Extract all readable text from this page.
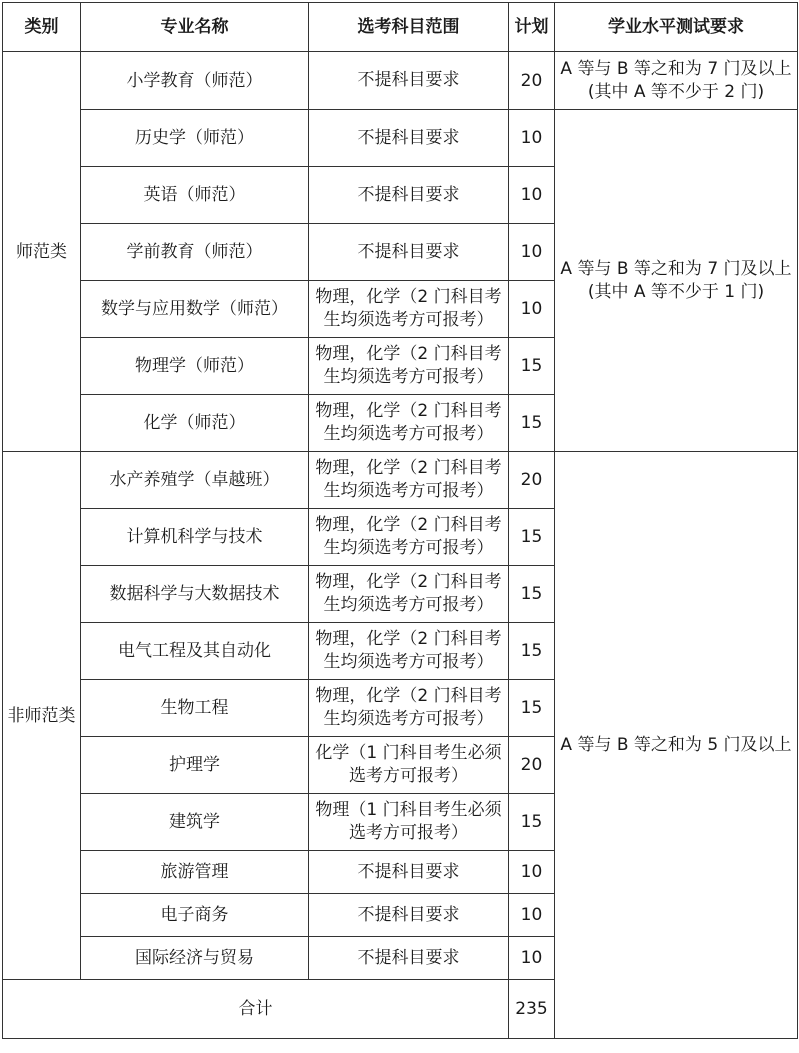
类别	专业名称	选考科目范围	计划	学业水平测试要求
师范类	小学教育（师范）	不提科目要求	20	A 等与 B 等之和为 7 门及以上(其中 A 等不少于 2 门)
	历史学（师范）	不提科目要求	10	A 等与 B 等之和为 7 门及以上(其中 A 等不少于 1 门)
	英语（师范）	不提科目要求	10	
	学前教育（师范）	不提科目要求	10	
	数学与应用数学（师范）	物理，化学（2 门科目考生均须选考方可报考）	10	
	物理学（师范）	物理，化学（2 门科目考生均须选考方可报考）	15	
	化学（师范）	物理，化学（2 门科目考生均须选考方可报考）	15	
非师范类	水产养殖学（卓越班）	物理，化学（2 门科目考生均须选考方可报考）	20	A 等与 B 等之和为 5 门及以上
	计算机科学与技术	物理，化学（2 门科目考生均须选考方可报考）	15	
	数据科学与大数据技术	物理，化学（2 门科目考生均须选考方可报考）	15	
	电气工程及其自动化	物理，化学（2 门科目考生均须选考方可报考）	15	
	生物工程	物理，化学（2 门科目考生均须选考方可报考）	15	
	护理学	化学（1 门科目考生必须选考方可报考）	20	
	建筑学	物理（1 门科目考生必须选考方可报考）	15	
	旅游管理	不提科目要求	10	
	电子商务	不提科目要求	10	
	国际经济与贸易	不提科目要求	10	
合计			235	
